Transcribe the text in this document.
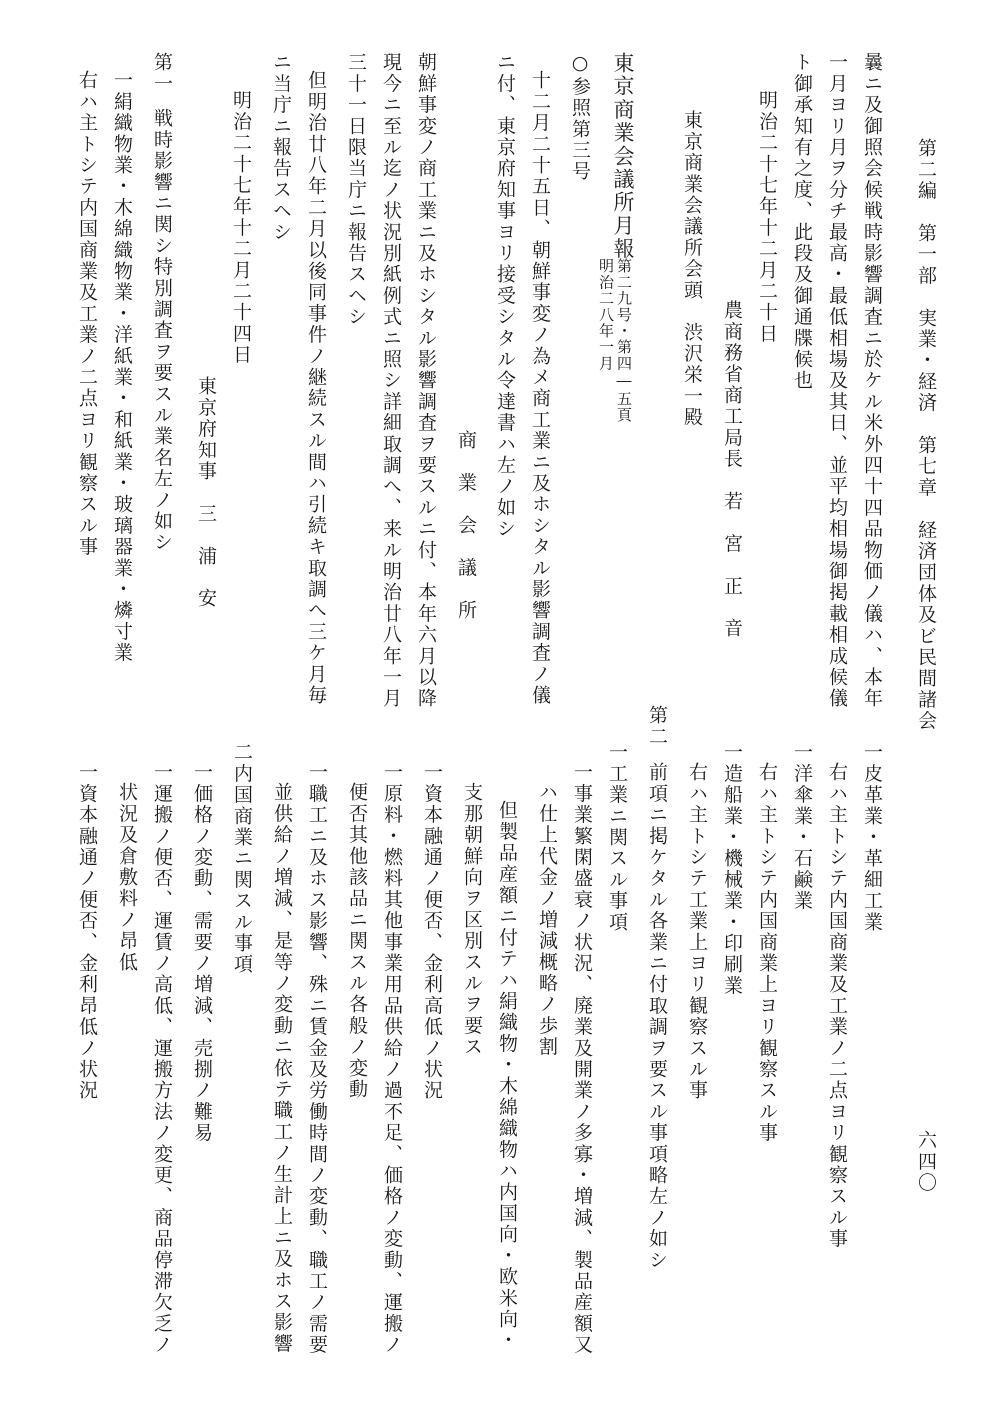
第二編　第一部　実業・経済　第七章　経済団体及ビ民間諸会
六四〇
曩ニ及御照会候戦時影響調査ニ於ケル米外四十四品物価ノ儀ハ、本年
一月ヨリ月ヲ分チ最高・最低相場及其日、並平均相場御掲載相成候儀
ト御承知有之度、此段及御通牒候也
明治二十七年十二月二十日
農商務省商工局長　若　宮　正　音
東京商業会議所会頭　渋沢栄一殿
東京商業会議所月報
第二九号・第四―五頁
明治二八年一月
○参照第三号
十二月二十五日、朝鮮事変ノ為メ商工業ニ及ホシタル影響調査ノ儀
ニ付、東京府知事ヨリ接受シタル令達書ハ左ノ如シ
商　業　会　議　所
朝鮮事変ノ商工業ニ及ホシタル影響調査ヲ要スルニ付、本年六月以降
現今ニ至ル迄ノ状況別紙例式ニ照シ詳細取調へ、来ル明治廿八年一月
三十一日限当庁ニ報告スヘシ
但明治廿八年二月以後同事件ノ継続スル間ハ引続キ取調へ三ケ月毎
ニ当庁ニ報告スヘシ
明治二十七年十二月二十四日
東京府知事　三　浦　安
第一
戦時影響ニ関シ特別調査ヲ要スル業名左ノ如シ
一絹織物業・木綿織物業・洋紙業・和紙業・玻璃器業・燐寸業
右ハ主トシテ内国商業及工業ノ二点ヨリ観察スル事
一皮革業・革細工業
右ハ主トシテ内国商業及工業ノ二点ヨリ観察スル事
一洋傘業・石鹸業
右ハ主トシテ内国商業上ヨリ観察スル事
一造船業・機械業・印刷業
右ハ主トシテ工業上ヨリ観察スル事
第二
前項ニ掲ケタル各業ニ付取調ヲ要スル事項略左ノ如シ
一工業ニ関スル事項
一事業繁閑盛衰ノ状況、廃業及開業ノ多寡・増減、製品産額又
ハ仕上代金ノ増減概略ノ歩割
但製品産額ニ付テハ絹織物・木綿織物ハ内国向・欧米向・
支那朝鮮向ヲ区別スルヲ要ス
一資本融通ノ便否、金利高低ノ状況
一原料・燃料其他事業用品供給ノ過不足、価格ノ変動、運搬ノ
便否其他該品ニ関スル各般ノ変動
一職工ニ及ホス影響、殊ニ賃金及労働時間ノ変動、職工ノ需要
並供給ノ増減、是等ノ変動ニ依テ職工ノ生計上ニ及ホス影響
二内国商業ニ関スル事項
一価格ノ変動、需要ノ増減、売捌ノ難易
一運搬ノ便否、運賃ノ高低、運搬方法ノ変更、商品停滞欠乏ノ
状況及倉敷料ノ昂低
一資本融通ノ便否、金利昂低ノ状況
